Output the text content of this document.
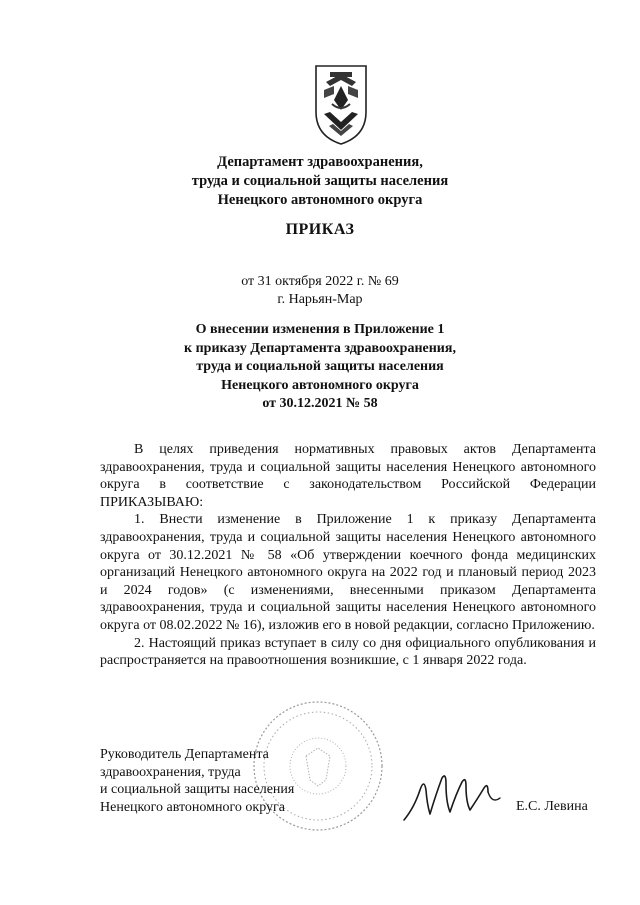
Департамент здравоохранения,
труда и социальной защиты населения
Ненецкого автономного округа
ПРИКАЗ
от 31 октября 2022 г. № 69
г. Нарьян-Мар
О внесении изменения в Приложение 1
к приказу Департамента здравоохранения,
труда и социальной защиты населения
Ненецкого автономного округа
от 30.12.2021 № 58

В целях приведения нормативных правовых актов Департамента здравоохранения, труда и социальной защиты населения Ненецкого автономного округа в соответствие с законодательством Российской Федерации ПРИКАЗЫВАЮ:

1. Внести изменение в Приложение 1 к приказу Департамента здравоохранения, труда и социальной защиты населения Ненецкого автономного округа от 30.12.2021 № 58 «Об утверждении коечного фонда медицинских организаций Ненецкого автономного округа на 2022 год и плановый период 2023 и 2024 годов» (с изменениями, внесенными приказом Департамента здравоохранения, труда и социальной защиты населения Ненецкого автономного округа от 08.02.2022 № 16), изложив его в новой редакции, согласно Приложению.

2. Настоящий приказ вступает в силу со дня официального опубликования и распространяется на правоотношения возникшие, с 1 января 2022 года.

Руководитель Департамента
здравоохранения, труда
и социальной защиты населения
Ненецкого автономного округа	Е.С. Левина
